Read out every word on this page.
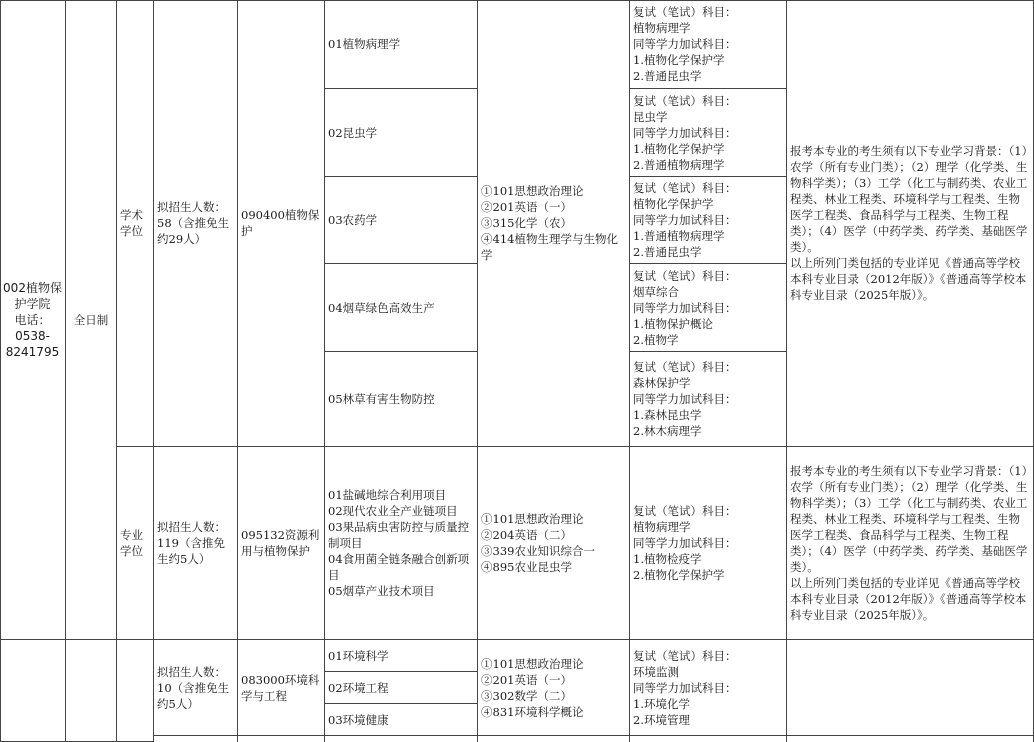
002植物保护学院
电话：
0538-8241795
全日制
学术学位
拟招生人数：58（含推免生约29人）
090400植物保护
01植物病理学
02昆虫学
03农药学
04烟草绿色高效生产
05林草有害生物防控
①101思想政治理论
②201英语（一）
③315化学（农）
④414植物生理学与生物化学
复试（笔试）科目：
植物病理学
同等学力加试科目：
1.植物化学保护学
2.普通昆虫学
复试（笔试）科目：
昆虫学
同等学力加试科目：
1.植物化学保护学
2.普通植物病理学
复试（笔试）科目：
植物化学保护学
同等学力加试科目：
1.普通植物病理学
2.普通昆虫学
复试（笔试）科目：
烟草综合
同等学力加试科目：
1.植物保护概论
2.植物学
复试（笔试）科目：
森林保护学
同等学力加试科目：
1.森林昆虫学
2.林木病理学
报考本专业的考生须有以下专业学习背景：（1）农学（所有专业门类）；（2）理学（化学类、生物科学类）；（3）工学（化工与制药类、农业工程类、林业工程类、环境科学与工程类、生物医学工程类、食品科学与工程类、生物工程类）；（4）医学（中药学类、药学类、基础医学类）。
以上所列门类包括的专业详见《普通高等学校本科专业目录（2012年版）》《普通高等学校本科专业目录（2025年版）》。
专业学位
拟招生人数：119（含推免生约5人）
095132资源利用与植物保护
01盐碱地综合利用项目
02现代农业全产业链项目
03果品病虫害防控与质量控制项目
04食用菌全链条融合创新项目
05烟草产业技术项目
①101思想政治理论
②204英语（二）
③339农业知识综合一
④895农业昆虫学
复试（笔试）科目：
植物病理学
同等学力加试科目：
1.植物检疫学
2.植物化学保护学
报考本专业的考生须有以下专业学习背景：（1）农学（所有专业门类）；（2）理学（化学类、生物科学类）；（3）工学（化工与制药类、农业工程类、林业工程类、环境科学与工程类、生物医学工程类、食品科学与工程类、生物工程类）；（4）医学（中药学类、药学类、基础医学类）。
以上所列门类包括的专业详见《普通高等学校本科专业目录（2012年版）》《普通高等学校本科专业目录（2025年版）》。
拟招生人数：10（含推免生约5人）
083000环境科学与工程
01环境科学
02环境工程
03环境健康
①101思想政治理论
②201英语（一）
③302数学（二）
④831环境科学概论
复试（笔试）科目：
环境监测
同等学力加试科目：
1.环境化学
2.环境管理
